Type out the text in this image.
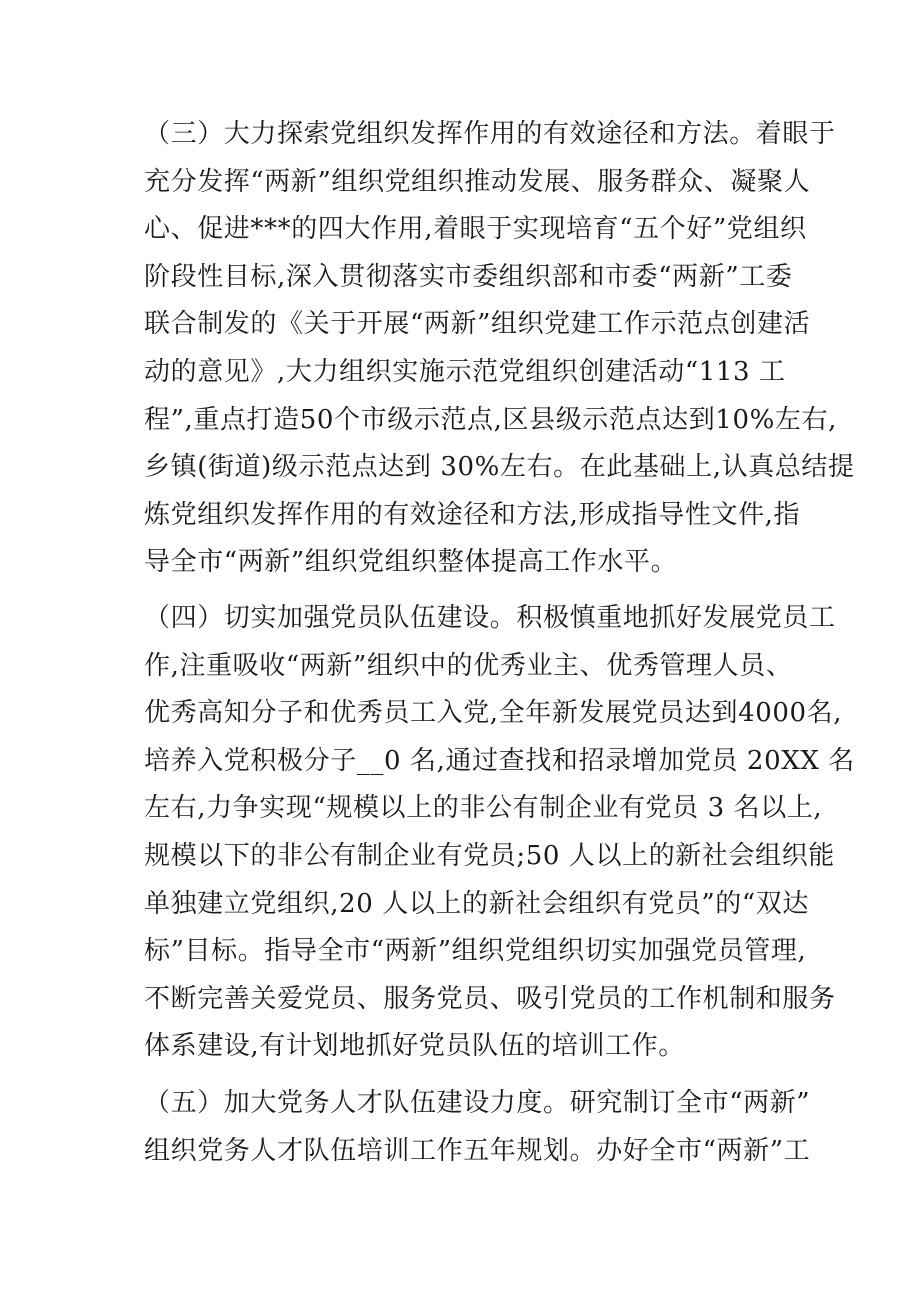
（三）大力探索党组织发挥作用的有效途径和方法。着眼于
充分发挥“两新”组织党组织推动发展、服务群众、凝聚人
心、促进***的四大作用,着眼于实现培育“五个好”党组织
阶段性目标,深入贯彻落实市委组织部和市委“两新”工委
联合制发的《关于开展“两新”组织党建工作示范点创建活
动的意见》,大力组织实施示范党组织创建活动“113 工
程”,重点打造50个市级示范点,区县级示范点达到10%左右,
乡镇(街道)级示范点达到 30%左右。在此基础上,认真总结提
炼党组织发挥作用的有效途径和方法,形成指导性文件,指
导全市“两新”组织党组织整体提高工作水平。

（四）切实加强党员队伍建设。积极慎重地抓好发展党员工
作,注重吸收“两新”组织中的优秀业主、优秀管理人员、
优秀高知分子和优秀员工入党,全年新发展党员达到4000名,
培养入党积极分子__0 名,通过查找和招录增加党员 20XX 名
左右,力争实现“规模以上的非公有制企业有党员 3 名以上,
规模以下的非公有制企业有党员;50 人以上的新社会组织能
单独建立党组织,20 人以上的新社会组织有党员”的“双达
标”目标。指导全市“两新”组织党组织切实加强党员管理,
不断完善关爱党员、服务党员、吸引党员的工作机制和服务
体系建设,有计划地抓好党员队伍的培训工作。

（五）加大党务人才队伍建设力度。研究制订全市“两新”
组织党务人才队伍培训工作五年规划。办好全市“两新”工
